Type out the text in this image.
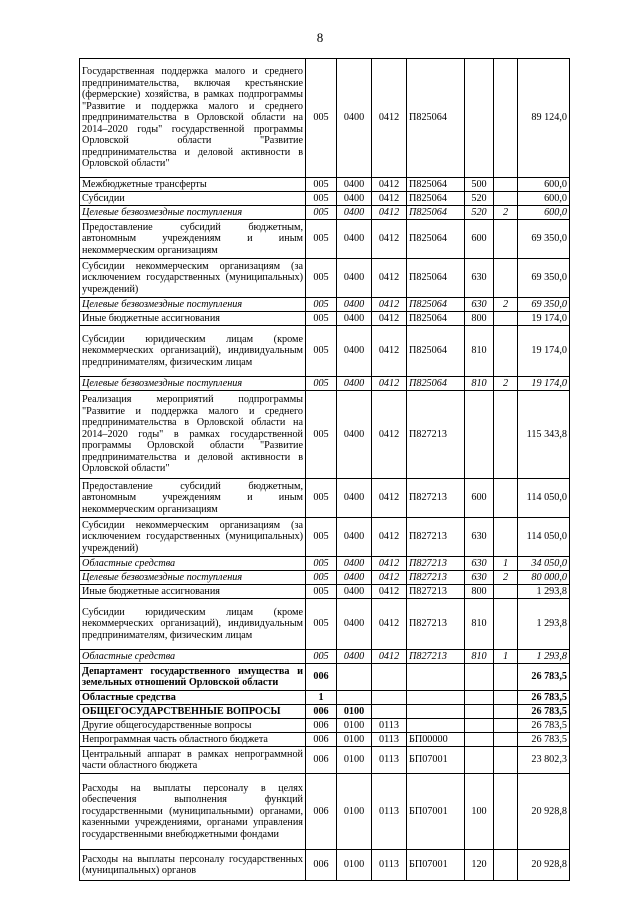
8
Государственная поддержка малого и среднего предпринимательства, включая крестьянские (фермерские) хозяйства, в рамках подпрограммы "Развитие и поддержка малого и среднего предпринимательства в Орловской области на 2014–2020 годы" государственной программы Орловской области "Развитие предпринимательства и деловой активности в Орловской области"	005	0400	0412	П825064			89 124,0
Межбюджетные трансферты	005	0400	0412	П825064	500		600,0
Субсидии	005	0400	0412	П825064	520		600,0
Целевые безвозмездные поступления	005	0400	0412	П825064	520	2	600,0
Предоставление субсидий бюджетным, автономным учреждениям и иным некоммерческим организациям	005	0400	0412	П825064	600		69 350,0
Субсидии некоммерческим организациям (за исключением государственных (муниципальных) учреждений)	005	0400	0412	П825064	630		69 350,0
Целевые безвозмездные поступления	005	0400	0412	П825064	630	2	69 350,0
Иные бюджетные ассигнования	005	0400	0412	П825064	800		19 174,0
Субсидии юридическим лицам (кроме некоммерческих организаций), индивидуальным предпринимателям, физическим лицам	005	0400	0412	П825064	810		19 174,0
Целевые безвозмездные поступления	005	0400	0412	П825064	810	2	19 174,0
Реализация мероприятий подпрограммы "Развитие и поддержка малого и среднего предпринимательства в Орловской области на 2014–2020 годы" в рамках государственной программы Орловской области "Развитие предпринимательства и деловой активности в Орловской области"	005	0400	0412	П827213			115 343,8
Предоставление субсидий бюджетным, автономным учреждениям и иным некоммерческим организациям	005	0400	0412	П827213	600		114 050,0
Субсидии некоммерческим организациям (за исключением государственных (муниципальных) учреждений)	005	0400	0412	П827213	630		114 050,0
Областные средства	005	0400	0412	П827213	630	1	34 050,0
Целевые безвозмездные поступления	005	0400	0412	П827213	630	2	80 000,0
Иные бюджетные ассигнования	005	0400	0412	П827213	800		1 293,8
Субсидии юридическим лицам (кроме некоммерческих организаций), индивидуальным предпринимателям, физическим лицам	005	0400	0412	П827213	810		1 293,8
Областные средства	005	0400	0412	П827213	810	1	1 293,8
Департамент государственного имущества и земельных отношений Орловской области	006						26 783,5
Областные средства	1						26 783,5
ОБЩЕГОСУДАРСТВЕННЫЕ ВОПРОСЫ	006	0100					26 783,5
Другие общегосударственные вопросы	006	0100	0113				26 783,5
Непрограммная часть областного бюджета	006	0100	0113	БП00000			26 783,5
Центральный аппарат в рамках непрограммной части областного бюджета	006	0100	0113	БП07001			23 802,3
Расходы на выплаты персоналу в целях обеспечения выполнения функций государственными (муниципальными) органами, казенными учреждениями, органами управления государственными внебюджетными фондами	006	0100	0113	БП07001	100		20 928,8
Расходы на выплаты персоналу государственных (муниципальных) органов	006	0100	0113	БП07001	120		20 928,8
